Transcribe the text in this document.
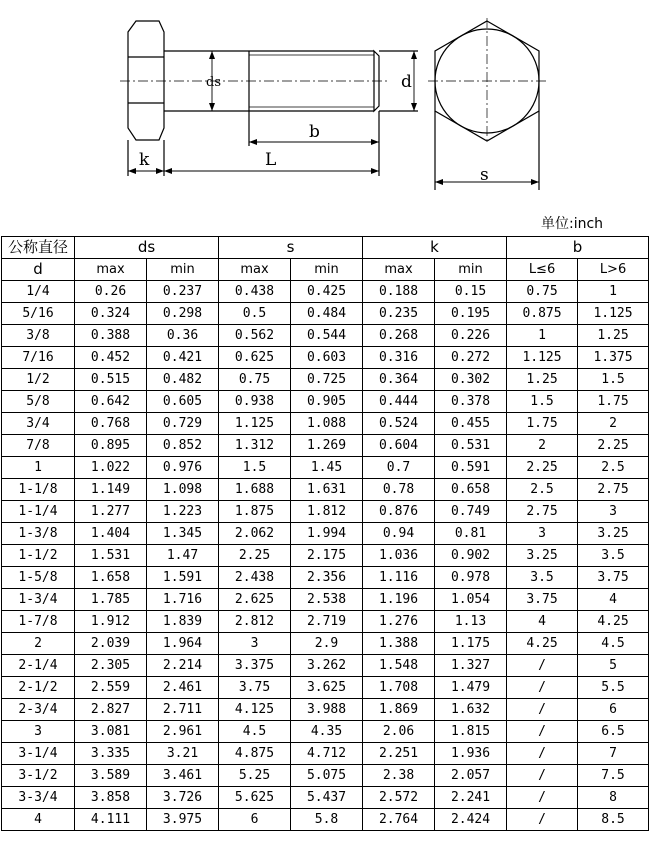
ds	d
b
k	L
s
单位:inch
公称直径	ds		s		k		b	
d	max	min	max	min	max	min	L≤6	L>6
1/4	0.26	0.237	0.438	0.425	0.188	0.15	0.75	1
5/16	0.324	0.298	0.5	0.484	0.235	0.195	0.875	1.125
3/8	0.388	0.36	0.562	0.544	0.268	0.226	1	1.25
7/16	0.452	0.421	0.625	0.603	0.316	0.272	1.125	1.375
1/2	0.515	0.482	0.75	0.725	0.364	0.302	1.25	1.5
5/8	0.642	0.605	0.938	0.905	0.444	0.378	1.5	1.75
3/4	0.768	0.729	1.125	1.088	0.524	0.455	1.75	2
7/8	0.895	0.852	1.312	1.269	0.604	0.531	2	2.25
1	1.022	0.976	1.5	1.45	0.7	0.591	2.25	2.5
1-1/8	1.149	1.098	1.688	1.631	0.78	0.658	2.5	2.75
1-1/4	1.277	1.223	1.875	1.812	0.876	0.749	2.75	3
1-3/8	1.404	1.345	2.062	1.994	0.94	0.81	3	3.25
1-1/2	1.531	1.47	2.25	2.175	1.036	0.902	3.25	3.5
1-5/8	1.658	1.591	2.438	2.356	1.116	0.978	3.5	3.75
1-3/4	1.785	1.716	2.625	2.538	1.196	1.054	3.75	4
1-7/8	1.912	1.839	2.812	2.719	1.276	1.13	4	4.25
2	2.039	1.964	3	2.9	1.388	1.175	4.25	4.5
2-1/4	2.305	2.214	3.375	3.262	1.548	1.327	/	5
2-1/2	2.559	2.461	3.75	3.625	1.708	1.479	/	5.5
2-3/4	2.827	2.711	4.125	3.988	1.869	1.632	/	6
3	3.081	2.961	4.5	4.35	2.06	1.815	/	6.5
3-1/4	3.335	3.21	4.875	4.712	2.251	1.936	/	7
3-1/2	3.589	3.461	5.25	5.075	2.38	2.057	/	7.5
3-3/4	3.858	3.726	5.625	5.437	2.572	2.241	/	8
4	4.111	3.975	6	5.8	2.764	2.424	/	8.5
